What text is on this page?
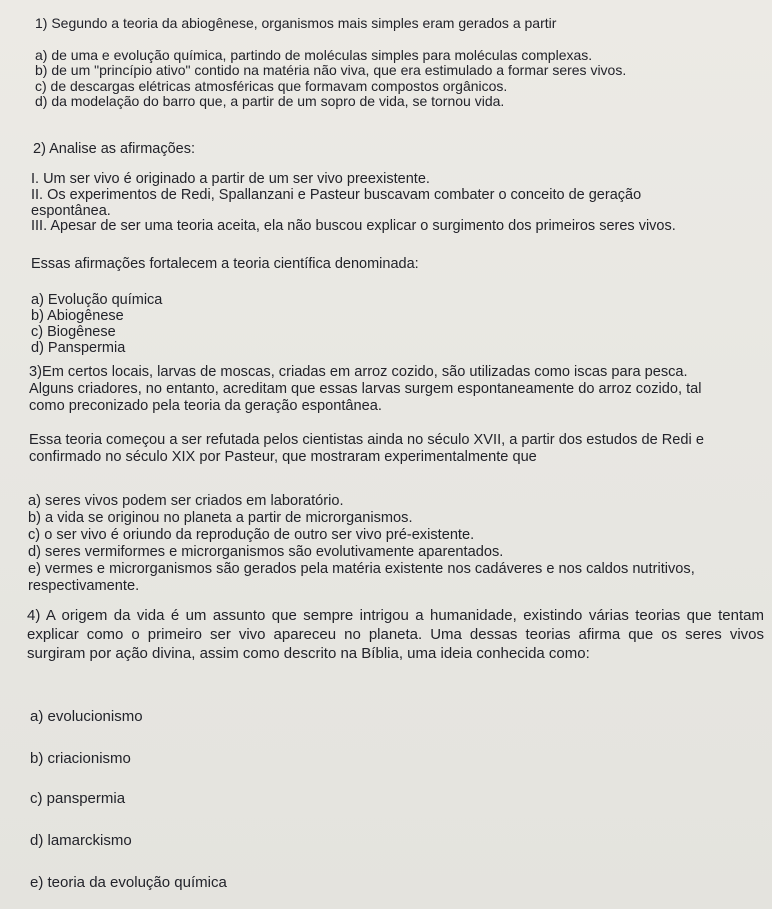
1) Segundo a teoria da abiogênese, organismos mais simples eram gerados a partir
a) de uma e evolução química, partindo de moléculas simples para moléculas complexas.
b) de um "princípio ativo" contido na matéria não viva, que era estimulado a formar seres vivos.
c) de descargas elétricas atmosféricas que formavam compostos orgânicos.
d) da modelação do barro que, a partir de um sopro de vida, se tornou vida.
2) Analise as afirmações:
I. Um ser vivo é originado a partir de um ser vivo preexistente.
II. Os experimentos de Redi, Spallanzani e Pasteur buscavam combater o conceito de geração
espontânea.
III. Apesar de ser uma teoria aceita, ela não buscou explicar o surgimento dos primeiros seres vivos.
Essas afirmações fortalecem a teoria científica denominada:
a) Evolução química
b) Abiogênese
c) Biogênese
d) Panspermia
3)Em certos locais, larvas de moscas, criadas em arroz cozido, são utilizadas como iscas para pesca.
Alguns criadores, no entanto, acreditam que essas larvas surgem espontaneamente do arroz cozido, tal
como preconizado pela teoria da geração espontânea.
Essa teoria começou a ser refutada pelos cientistas ainda no século XVII, a partir dos estudos de Redi e
confirmado no século XIX por Pasteur, que mostraram experimentalmente que
a) seres vivos podem ser criados em laboratório.
b) a vida se originou no planeta a partir de microrganismos.
c) o ser vivo é oriundo da reprodução de outro ser vivo pré-existente.
d) seres vermiformes e microrganismos são evolutivamente aparentados.
e) vermes e microrganismos são gerados pela matéria existente nos cadáveres e nos caldos nutritivos,
respectivamente.
4) A origem da vida é um assunto que sempre intrigou a humanidade, existindo várias teorias que tentam
explicar como o primeiro ser vivo apareceu no planeta. Uma dessas teorias afirma que os seres vivos
surgiram por ação divina, assim como descrito na Bíblia, uma ideia conhecida como:
a) evolucionismo
b) criacionismo
c) panspermia
d) lamarckismo
e) teoria da evolução química
